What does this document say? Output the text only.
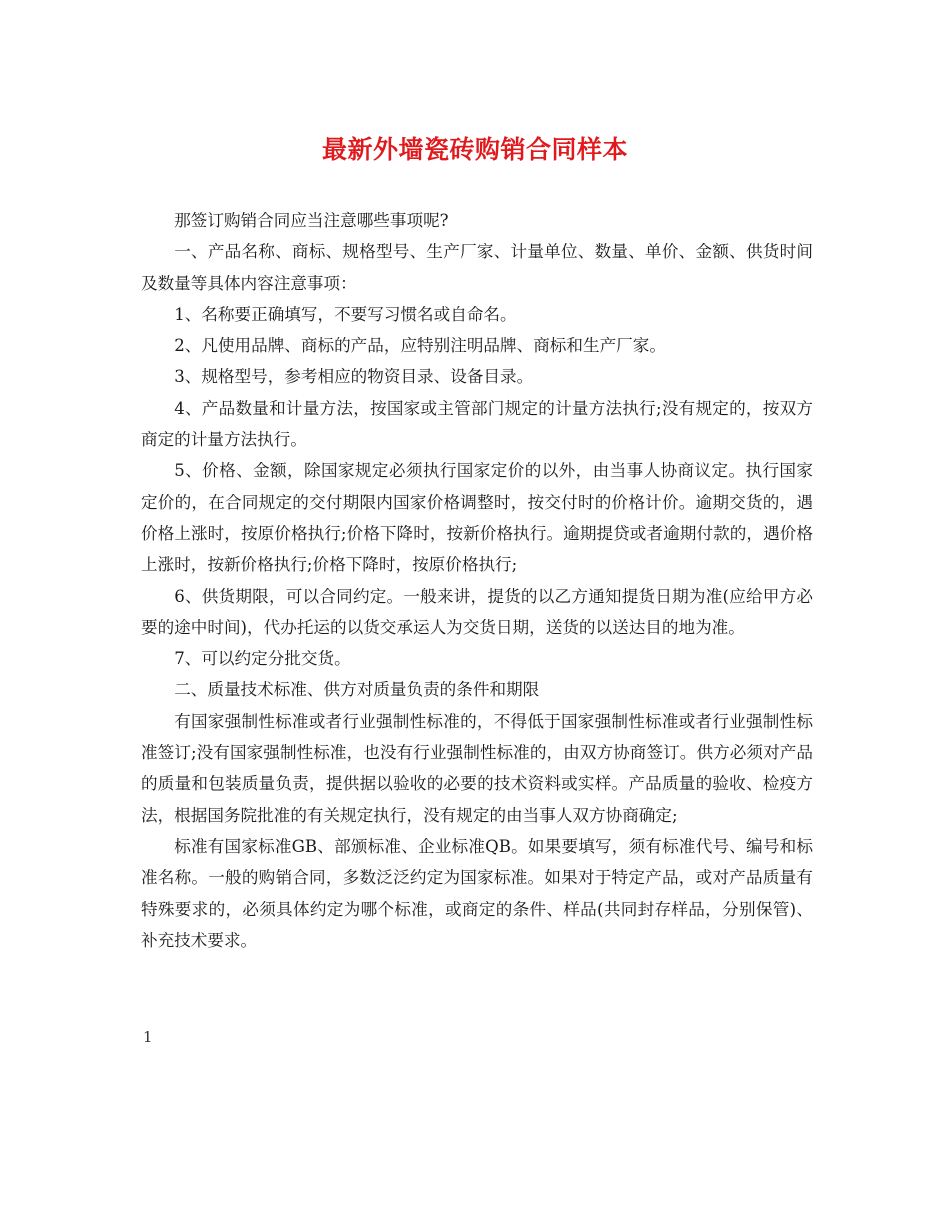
最新外墙瓷砖购销合同样本

那签订购销合同应当注意哪些事项呢?

一、产品名称、商标、规格型号、生产厂家、计量单位、数量、单价、金额、供货时间及数量等具体内容注意事项：

1、名称要正确填写，不要写习惯名或自命名。

2、凡使用品牌、商标的产品，应特别注明品牌、商标和生产厂家。

3、规格型号，参考相应的物资目录、设备目录。

4、产品数量和计量方法，按国家或主管部门规定的计量方法执行;没有规定的，按双方商定的计量方法执行。

5、价格、金额，除国家规定必须执行国家定价的以外，由当事人协商议定。执行国家定价的，在合同规定的交付期限内国家价格调整时，按交付时的价格计价。逾期交货的，遇价格上涨时，按原价格执行;价格下降时，按新价格执行。逾期提贷或者逾期付款的，遇价格上涨时，按新价格执行;价格下降时，按原价格执行;

6、供货期限，可以合同约定。一般来讲，提货的以乙方通知提货日期为准(应给甲方必要的途中时间)，代办托运的以货交承运人为交货日期，送货的以送达目的地为准。

7、可以约定分批交货。

二、质量技术标准、供方对质量负责的条件和期限

有国家强制性标准或者行业强制性标准的，不得低于国家强制性标准或者行业强制性标准签订;没有国家强制性标准，也没有行业强制性标准的，由双方协商签订。供方必须对产品的质量和包装质量负责，提供据以验收的必要的技术资料或实样。产品质量的验收、检疫方法，根据国务院批准的有关规定执行，没有规定的由当事人双方协商确定;

标准有国家标准GB、部颁标准、企业标准QB。如果要填写，须有标准代号、编号和标准名称。一般的购销合同，多数泛泛约定为国家标准。如果对于特定产品，或对产品质量有特殊要求的，必须具体约定为哪个标准，或商定的条件、样品(共同封存样品，分别保管)、补充技术要求。

1
